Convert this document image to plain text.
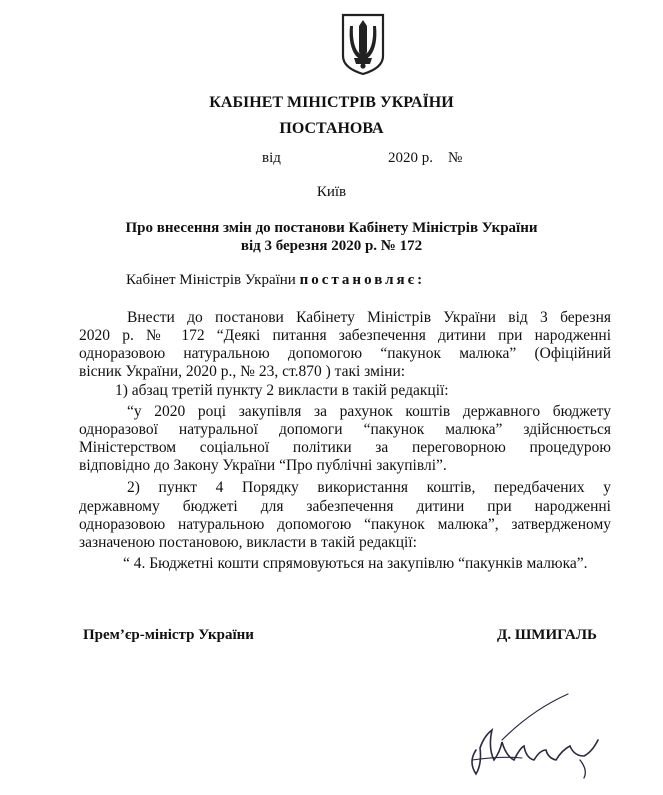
КАБІНЕТ МІНІСТРІВ УКРАЇНИ
ПОСТАНОВА
від	2020 р. №
Київ
Про внесення змін до постанови Кабінету Міністрів України
від 3 березня 2020 р. № 172
Кабінет Міністрів України постановляє:
Внести до постанови Кабінету Міністрів України від 3 березня
2020 р. № 172 “Деякі питання забезпечення дитини при народженні
одноразовою натуральною допомогою “пакунок малюка” (Офіційний
вісник України, 2020 р., № 23, ст.870 ) такі зміни:
1) абзац третій пункту 2 викласти в такій редакції:
“у 2020 році закупівля за рахунок коштів державного бюджету
одноразової натуральної допомоги “пакунок малюка” здійснюється
Міністерством соціальної політики за переговорною процедурою
відповідно до Закону України “Про публічні закупівлі”.
2) пункт 4 Порядку використання коштів, передбачених у
державному бюджеті для забезпечення дитини при народженні
одноразовою натуральною допомогою “пакунок малюка”, затвердженому
зазначеною постановою, викласти в такій редакції:
“ 4. Бюджетні кошти спрямовуються на закупівлю “пакунків малюка”.
Прем’єр-міністр України	Д. ШМИГАЛЬ
